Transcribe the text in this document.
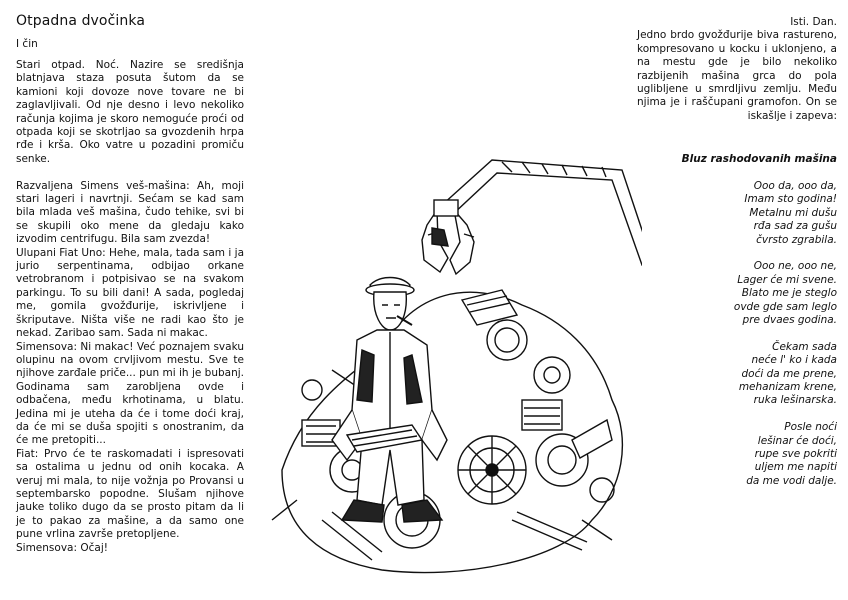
Otpadna dvočinka
I čin

Stari otpad. Noć. Nazire se središnja blatnjava staza posuta šutom da se kamioni koji dovoze nove tovare ne bi zaglavljivali. Od nje desno i levo nekoliko računja kojima je skoro nemoguće proći od otpada koji se skotrljao sa gvozdenih hrpa rđe i krša. Oko vatre u pozadini promiču senke.

Razvaljena Simens veš-mašina: Ah, moji stari lageri i navrtnji. Sećam se kad sam bila mlada veš mašina, čudo tehike, svi bi se skupili oko mene da gledaju kako izvodim centrifugu. Bila sam zvezda!

Ulupani Fiat Uno: Hehe, mala, tada sam i ja jurio serpentinama, odbijao orkane vetrobranom i potpisivao se na svakom parkingu. To su bili dani! A sada, pogledaj me, gomila gvožđurije, iskrivljene i škriputave. Ništa više ne radi kao što je nekad. Zaribao sam. Sada ni makac.

Simensova: Ni makac! Već poznajem svaku olupinu na ovom crvljivom mestu. Sve te njihove zarđale priče... pun mi ih je bubanj. Godinama sam zarobljena ovde i odbačena, među krhotinama, u blatu. Jedina mi je uteha da će i tome doći kraj, da će mi se duša spojiti s onostranim, da će me pretopiti...

Fiat: Prvo će te raskomadati i ispresovati sa ostalima u jednu od onih kocaka. A veruj mi mala, to nije vožnja po Provansi u septembarsko popodne. Slušam njihove jauke toliko dugo da se prosto pitam da li je to pakao za mašine, a da samo one pune vrlina završe pretopljene.

Simensova: Očaj!

Isti. Dan.

Jedno brdo gvožđurije biva rastureno, kompresovano u kocku i uklonjeno, a na mestu gde je bilo nekoliko razbijenih mašina grca do pola uglibljene u smrdljivu zemlju. Među njima je i raščupani gramofon. On se iskašlje i zapeva:

Bluz rashodovanih mašina
Ooo da, ooo da,
Imam sto godina!
Metalnu mi dušu
rđa sad za gušu
čvrsto zgrabila.
Ooo ne, ooo ne,
Lager će mi svene.
Blato me je steglo
ovde gde sam leglo
pre dvaes godina.
Čekam sada
neće l' ko i kada
doći da me prene,
mehanizam krene,
ruka lešinarska.
Posle noći
lešinar će doći,
rupe sve pokriti
uljem me napiti
da me vodi dalje.
